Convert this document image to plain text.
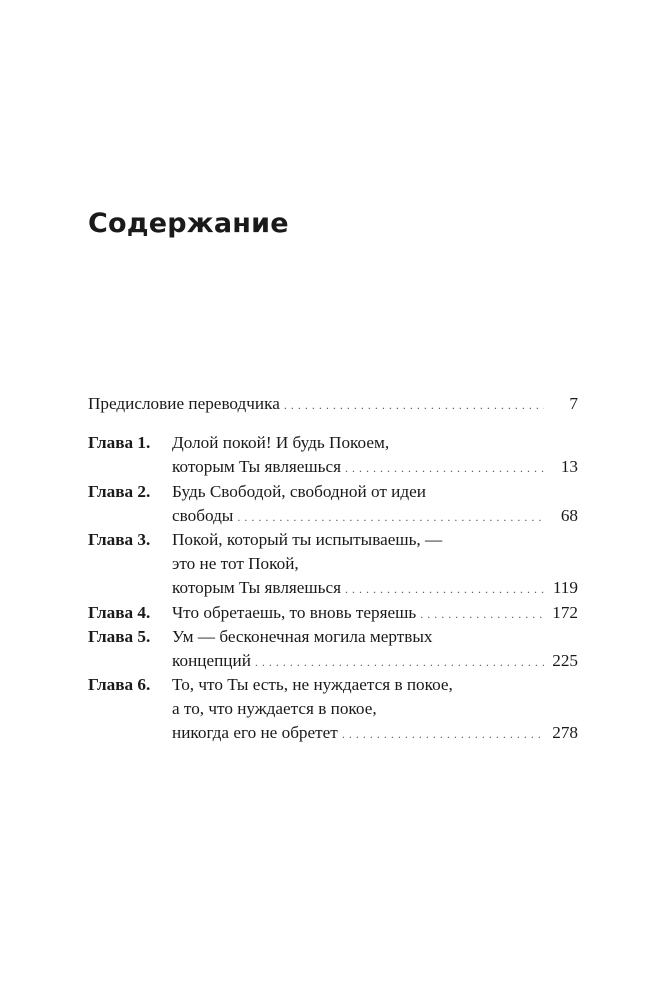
Содержание
Предисловие переводчика . . .	7
Глава 1.	Долой покой! И будь Покоем,
которым Ты являешься . . .	13
Глава 2.	Будь Свободой, свободной от идеи
свободы . . .	68
Глава 3.	Покой, который ты испытываешь, —
это не тот Покой,
которым Ты являешься . . .	119
Глава 4.	Что обретаешь, то вновь теряешь . . .	172
Глава 5.	Ум — бесконечная могила мертвых
концепций . . .	225
Глава 6.	То, что Ты есть, не нуждается в покое,
а то, что нуждается в покое,
никогда его не обретет . . .	278
